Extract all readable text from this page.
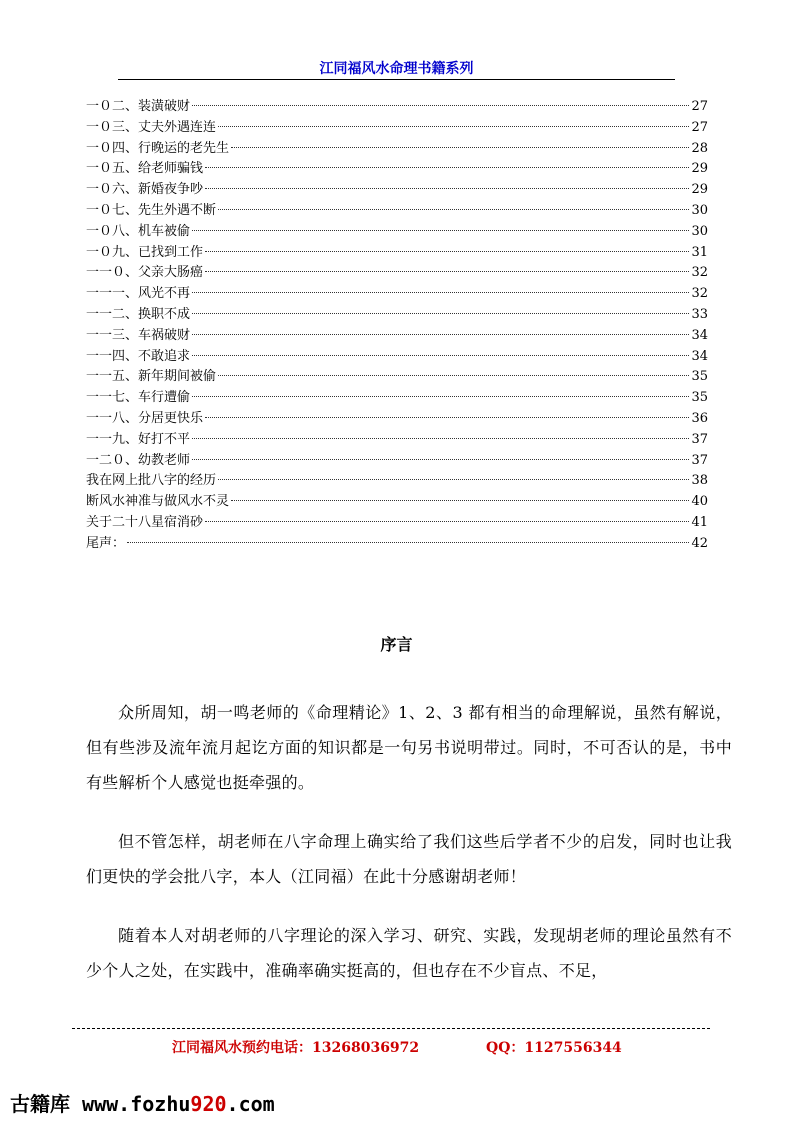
江同福风水命理书籍系列
一０二、装潢破财	27
一０三、丈夫外遇连连	27
一０四、行晚运的老先生	28
一０五、给老师骗钱	29
一０六、新婚夜争吵	29
一０七、先生外遇不断	30
一０八、机车被偷	30
一０九、已找到工作	31
一一０、父亲大肠癌	32
一一一、风光不再	32
一一二、换职不成	33
一一三、车祸破财	34
一一四、不敢追求	34
一一五、新年期间被偷	35
一一七、车行遭偷	35
一一八、分居更快乐	36
一一九、好打不平	37
一二０、幼教老师	37
我在网上批八字的经历	38
断风水神准与做风水不灵	40
关于二十八星宿消砂	41
尾声：	42
序言

众所周知，胡一鸣老师的《命理精论》1、2、3 都有相当的命理解说，虽然有解说，但有些涉及流年流月起讫方面的知识都是一句另书说明带过。同时，不可否认的是，书中有些解析个人感觉也挺牵强的。

但不管怎样，胡老师在八字命理上确实给了我们这些后学者不少的启发，同时也让我们更快的学会批八字，本人（江同福）在此十分感谢胡老师！

随着本人对胡老师的八字理论的深入学习、研究、实践，发现胡老师的理论虽然有不少个人之处，在实践中，准确率确实挺高的，但也存在不少盲点、不足，

江同福风水预约电话：13268036972	QQ：1127556344
古籍库 www.fozhu920.com
